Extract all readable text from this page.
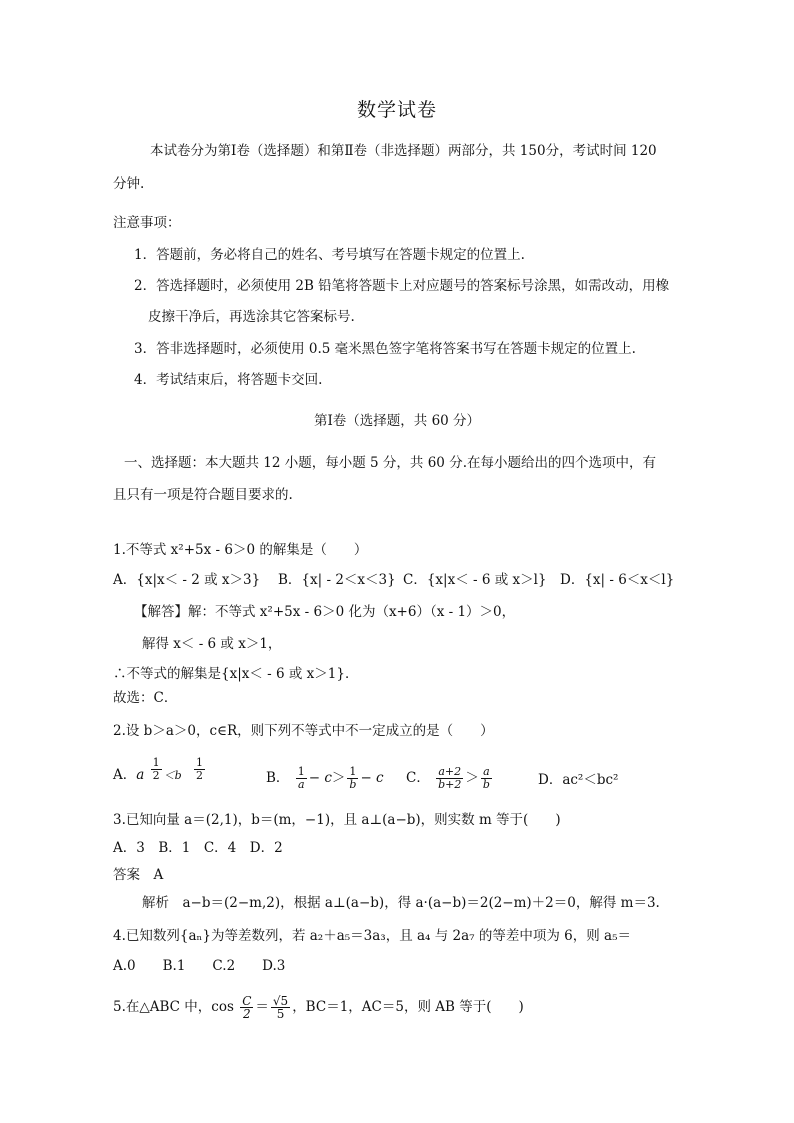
数学试卷
本试卷分为第Ⅰ卷（选择题）和第Ⅱ卷（非选择题）两部分，共 150分，考试时间 120
分钟.
注意事项：
1．答题前，务必将自己的姓名、考号填写在答题卡规定的位置上.
2．答选择题时，必须使用 2B 铅笔将答题卡上对应题号的答案标号涂黑，如需改动，用橡
皮擦干净后，再选涂其它答案标号.
3．答非选择题时，必须使用 0.5 毫米黑色签字笔将答案书写在答题卡规定的位置上.
4．考试结束后，将答题卡交回.
第Ⅰ卷（选择题，共 60 分）
一、选择题：本大题共 12 小题，每小题 5 分，共 60 分.在每小题给出的四个选项中，有
且只有一项是符合题目要求的.
1.不等式 x²+5x - 6＞0 的解集是（　　）
A．{x|x＜ - 2 或 x＞3} B．{x| - 2＜x＜3} C．{x|x＜ - 6 或 x＞l} D．{x| - 6＜x＜l}
【解答】解：不等式 x²+5x - 6＞0 化为（x+6）（x - 1）＞0，
解得 x＜ - 6 或 x＞1，
∴不等式的解集是{x|x＜ - 6 或 x＞1}．
故选：C．
2.设 b＞a＞0，c∈R，则下列不等式中不一定成立的是（　　）
A．a $\frac{1}{2} <b \frac{1}{2}$	B． $\frac{1}{a} - c> \frac{1}{b} - c$ C． $\frac{a+2}{b+2} > \frac{a}{b}$	D．ac²＜bc²
3.已知向量 a＝(2,1)，b＝(m，−1)，且 a⊥(a−b)，则实数 m 等于(　　)
A．3　B．1　C．4　D．2
答案　A
解析　a−b＝(2−m,2)，根据 a⊥(a−b)，得 a·(a−b)＝2(2−m)＋2＝0，解得 m＝3.
4.已知数列{aₙ}为等差数列，若 a₂＋a₅＝3a₃，且 a₄ 与 2a₇ 的等差中项为 6，则 a₅＝
A.0　　B.1　　C.2　　D.3
5.在△ABC 中，$\cos \frac{C}{2} = \frac{√5}{5}$ ，BC＝1，AC＝5，则 AB 等于(　　)
